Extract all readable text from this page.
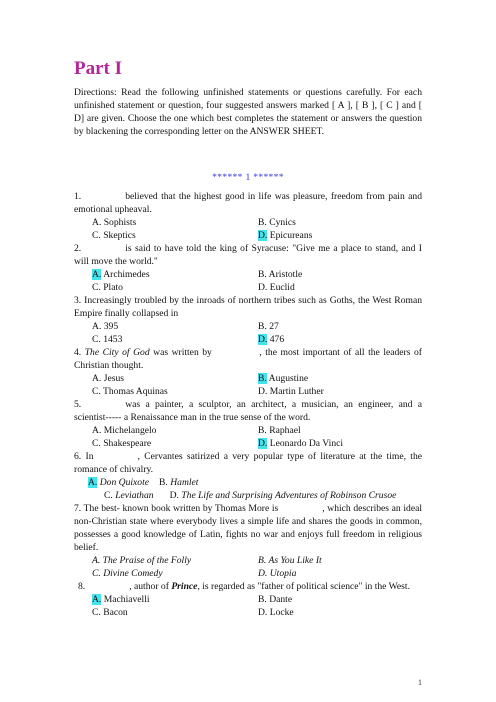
Part I
Directions: Read the following unfinished statements or questions carefully. For each unfinished statement or question, four suggested answers marked [ A ], [ B ], [ C ] and [ D] are given. Choose the one which best completes the statement or answers the question by blackening the corresponding letter on the ANSWER SHEET.
****** 1 ******
1.	believed that the highest good in life was pleasure, freedom from pain and emotional upheaval.
A. Sophists	B. Cynics
C. Skeptics	D. Epicureans
2.	is said to have told the king of Syracuse: "Give me a place to stand, and I will move the world."
A. Archimedes	B. Aristotle
C. Plato	D. Euclid
3. Increasingly troubled by the inroads of northern tribes such as Goths, the West Roman Empire finally collapsed in
A. 395	B. 27
C. 1453	D. 476
4. The City of God was written by	, the most important of all the leaders of Christian thought.
A. Jesus	B. Augustine
C. Thomas Aquinas	D. Martin Luther
5.	was a painter, a sculptor, an architect, a musician, an engineer, and a scientist----- a Renaissance man in the true sense of the word.
A. Michelangelo	B. Raphael
C. Shakespeare	D. Leonardo Da Vinci
6. In	, Cervantes satirized a very popular type of literature at the time, the romance of chivalry.
A. Don Quixote B. Hamlet
C. Leviathan D. The Life and Surprising Adventures of Robinson Crusoe
7. The best- known book written by Thomas More is	, which describes an ideal non-Christian state where everybody lives a simple life and shares the goods in common, possesses a good knowledge of Latin, fights no war and enjoys full freedom in religious belief.
A. The Praise of the Folly	B. As You Like It
C. Divine Comedy	D. Utopia
8.	, author of Prince, is regarded as "father of political science" in the West.
A. Machiavelli	B. Dante
C. Bacon	D. Locke
1
